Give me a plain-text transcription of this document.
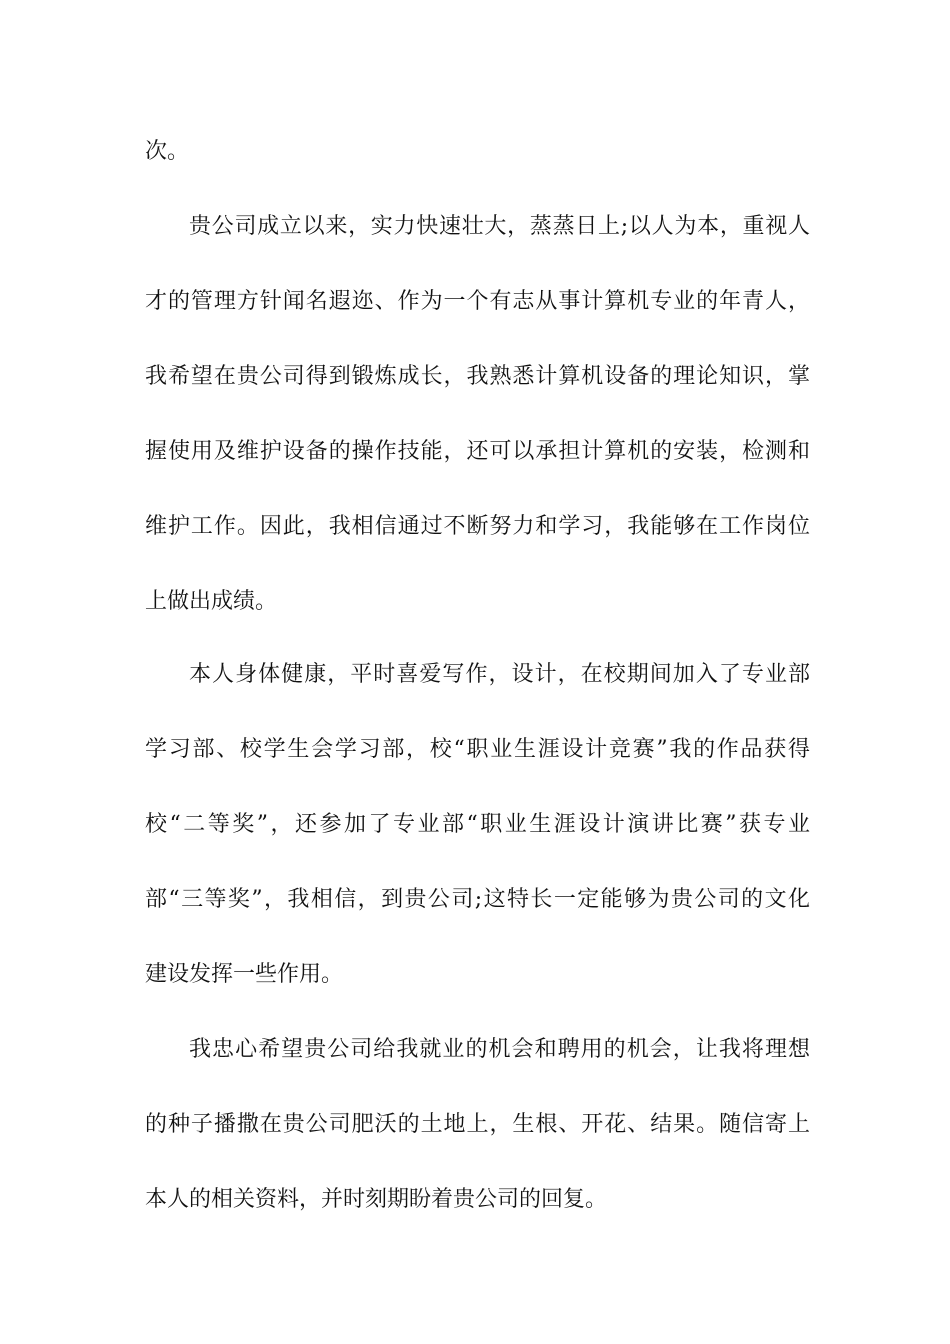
次。
贵公司成立以来，实力快速壮大，蒸蒸日上;以人为本，重视人
才的管理方针闻名遐迩、作为一个有志从事计算机专业的年青人，
我希望在贵公司得到锻炼成长，我熟悉计算机设备的理论知识，掌
握使用及维护设备的操作技能，还可以承担计算机的安装，检测和
维护工作。因此，我相信通过不断努力和学习，我能够在工作岗位
上做出成绩。
本人身体健康，平时喜爱写作，设计，在校期间加入了专业部
学习部、校学生会学习部，校“职业生涯设计竞赛”我的作品获得
校“二等奖”，还参加了专业部“职业生涯设计演讲比赛”获专业
部“三等奖”，我相信，到贵公司;这特长一定能够为贵公司的文化
建设发挥一些作用。
我忠心希望贵公司给我就业的机会和聘用的机会，让我将理想
的种子播撒在贵公司肥沃的土地上，生根、开花、结果。随信寄上
本人的相关资料，并时刻期盼着贵公司的回复。
